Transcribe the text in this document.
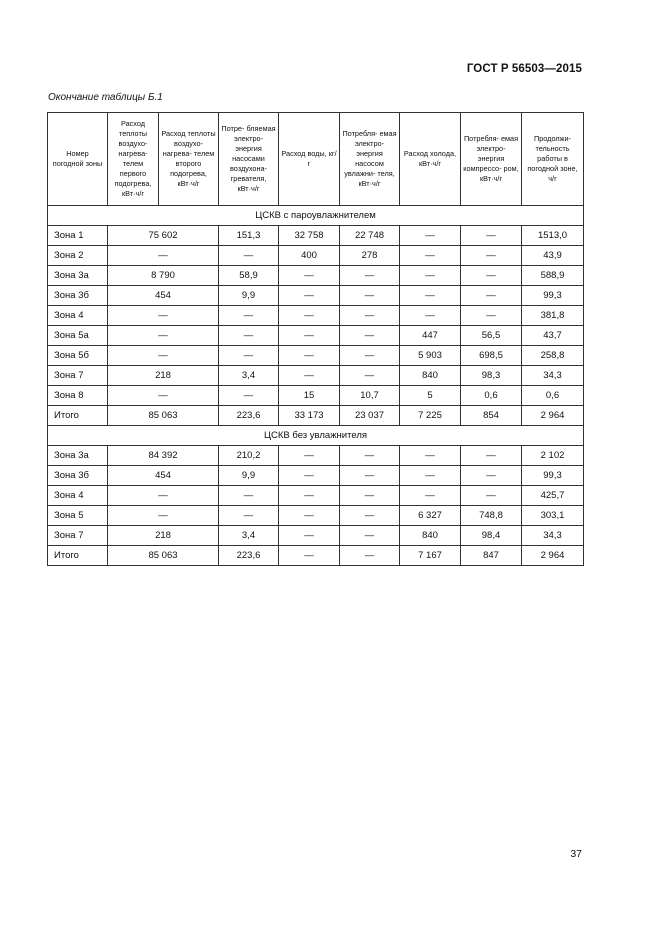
ГОСТ Р 56503—2015
Окончание таблицы Б.1
Номер погодной зоны	Расход теплоты воздухо- нагрева- телем первого подогрева, кВт·ч/г	Расход теплоты воздухо- нагрева- телем второго подогрева, кВт·ч/г	Потре- бляемая электро- энергия насосами воздухона- гревателя, кВт·ч/г	Расход воды, кг/г	Потребля- емая электро- энергия насосом увлажни- теля, кВт·ч/г	Расход холода, кВт·ч/г	Потребля- емая электро- энергия компрессо- ром, кВт·ч/г	Продолжи- тельность работы в погодной зоне, ч/г
ЦСКВ с пароувлажнителем								
Зона 1	75 602		151,3	32 758	22 748	—	—	1513,0
Зона 2	—		—	400	278	—	—	43,9
Зона 3а	8 790		58,9	—	—	—	—	588,9
Зона 3б	454		9,9	—	—	—	—	99,3
Зона 4	—		—	—	—	—	—	381,8
Зона 5а	—		—	—	—	447	56,5	43,7
Зона 5б	—		—	—	—	5 903	698,5	258,8
Зона 7	218		3,4	—	—	840	98,3	34,3
Зона 8	—		—	15	10,7	5	0,6	0,6
Итого	85 063		223,6	33 173	23 037	7 225	854	2 964
ЦСКВ без увлажнителя								
Зона 3а	84 392		210,2	—	—	—	—	2 102
Зона 3б	454		9,9	—	—	—	—	99,3
Зона 4	—		—	—	—	—	—	425,7
Зона 5	—		—	—	—	6 327	748,8	303,1
Зона 7	218		3,4	—	—	840	98,4	34,3
Итого	85 063		223,6	—	—	7 167	847	2 964
37
